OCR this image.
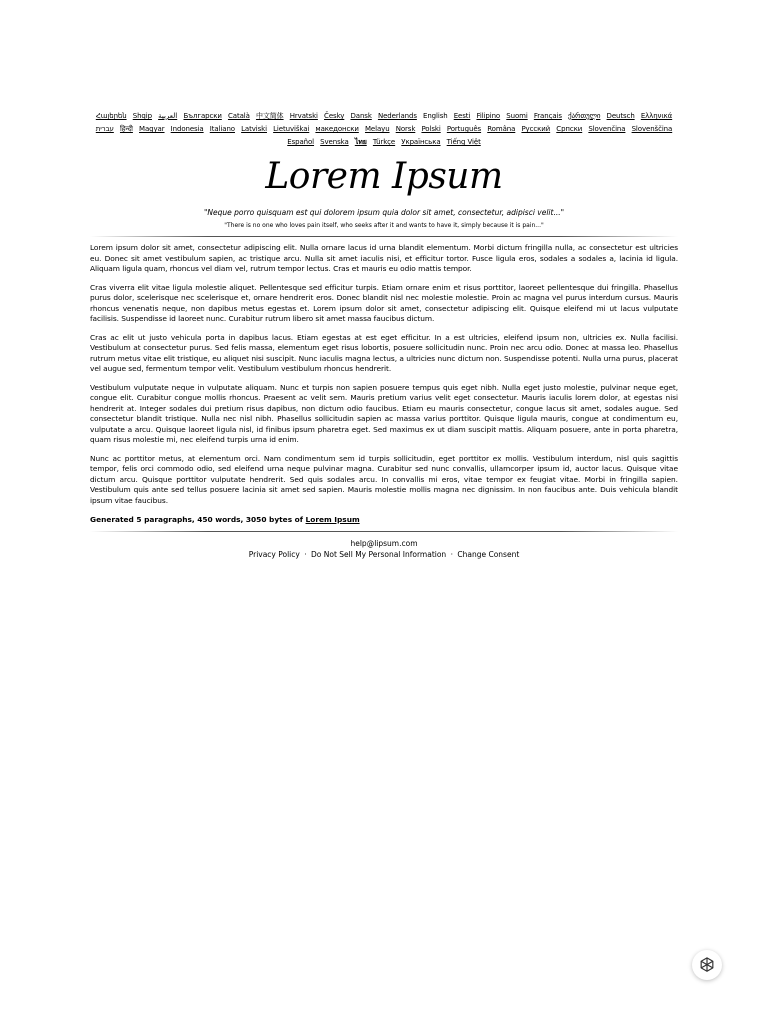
Հայերեն Shqip العربية Български Català 中文简体 Hrvatski Česky Dansk Nederlands English Eesti Filipino Suomi Français ქართული Deutsch Ελληνικά עברית हिन्दी Magyar Indonesia Italiano Latviski Lietuviškai македонски Melayu Norsk Polski Português Româna Pyccкий Српски Slovenčina Slovenščina Español Svenska ไทย Türkçe Українська Tiếng Việt
Lorem Ipsum
"Neque porro quisquam est qui dolorem ipsum quia dolor sit amet, consectetur, adipisci velit..."
"There is no one who loves pain itself, who seeks after it and wants to have it, simply because it is pain..."

Lorem ipsum dolor sit amet, consectetur adipiscing elit. Nulla ornare lacus id urna blandit elementum. Morbi dictum fringilla nulla, ac consectetur est ultricies eu. Donec sit amet vestibulum sapien, ac tristique arcu. Nulla sit amet iaculis nisi, et efficitur tortor. Fusce ligula eros, sodales a sodales a, lacinia id ligula. Aliquam ligula quam, rhoncus vel diam vel, rutrum tempor lectus. Cras et mauris eu odio mattis tempor.

Cras viverra elit vitae ligula molestie aliquet. Pellentesque sed efficitur turpis. Etiam ornare enim et risus porttitor, laoreet pellentesque dui fringilla. Phasellus purus dolor, scelerisque nec scelerisque et, ornare hendrerit eros. Donec blandit nisl nec molestie molestie. Proin ac magna vel purus interdum cursus. Mauris rhoncus venenatis neque, non dapibus metus egestas et. Lorem ipsum dolor sit amet, consectetur adipiscing elit. Quisque eleifend mi ut lacus vulputate facilisis. Suspendisse id laoreet nunc. Curabitur rutrum libero sit amet massa faucibus dictum.

Cras ac elit ut justo vehicula porta in dapibus lacus. Etiam egestas at est eget efficitur. In a est ultricies, eleifend ipsum non, ultricies ex. Nulla facilisi. Vestibulum at consectetur purus. Sed felis massa, elementum eget risus lobortis, posuere sollicitudin nunc. Proin nec arcu odio. Donec at massa leo. Phasellus rutrum metus vitae elit tristique, eu aliquet nisi suscipit. Nunc iaculis magna lectus, a ultricies nunc dictum non. Suspendisse potenti. Nulla urna purus, placerat vel augue sed, fermentum tempor velit. Vestibulum vestibulum rhoncus hendrerit.

Vestibulum vulputate neque in vulputate aliquam. Nunc et turpis non sapien posuere tempus quis eget nibh. Nulla eget justo molestie, pulvinar neque eget, congue elit. Curabitur congue mollis rhoncus. Praesent ac velit sem. Mauris pretium varius velit eget consectetur. Mauris iaculis lorem dolor, at egestas nisi hendrerit at. Integer sodales dui pretium risus dapibus, non dictum odio faucibus. Etiam eu mauris consectetur, congue lacus sit amet, sodales augue. Sed consectetur blandit tristique. Nulla nec nisl nibh. Phasellus sollicitudin sapien ac massa varius porttitor. Quisque ligula mauris, congue at condimentum eu, vulputate a arcu. Quisque laoreet ligula nisl, id finibus ipsum pharetra eget. Sed maximus ex ut diam suscipit mattis. Aliquam posuere, ante in porta pharetra, quam risus molestie mi, nec eleifend turpis urna id enim.

Nunc ac porttitor metus, at elementum orci. Nam condimentum sem id turpis sollicitudin, eget porttitor ex mollis. Vestibulum interdum, nisl quis sagittis tempor, felis orci commodo odio, sed eleifend urna neque pulvinar magna. Curabitur sed nunc convallis, ullamcorper ipsum id, auctor lacus. Quisque vitae dictum arcu. Quisque porttitor vulputate hendrerit. Sed quis sodales arcu. In convallis mi eros, vitae tempor ex feugiat vitae. Morbi in fringilla sapien. Vestibulum quis ante sed tellus posuere lacinia sit amet sed sapien. Mauris molestie mollis magna nec dignissim. In non faucibus ante. Duis vehicula blandit ipsum vitae faucibus.

Generated 5 paragraphs, 450 words, 3050 bytes of Lorem Ipsum
help@lipsum.com
Privacy Policy · Do Not Sell My Personal Information · Change Consent
